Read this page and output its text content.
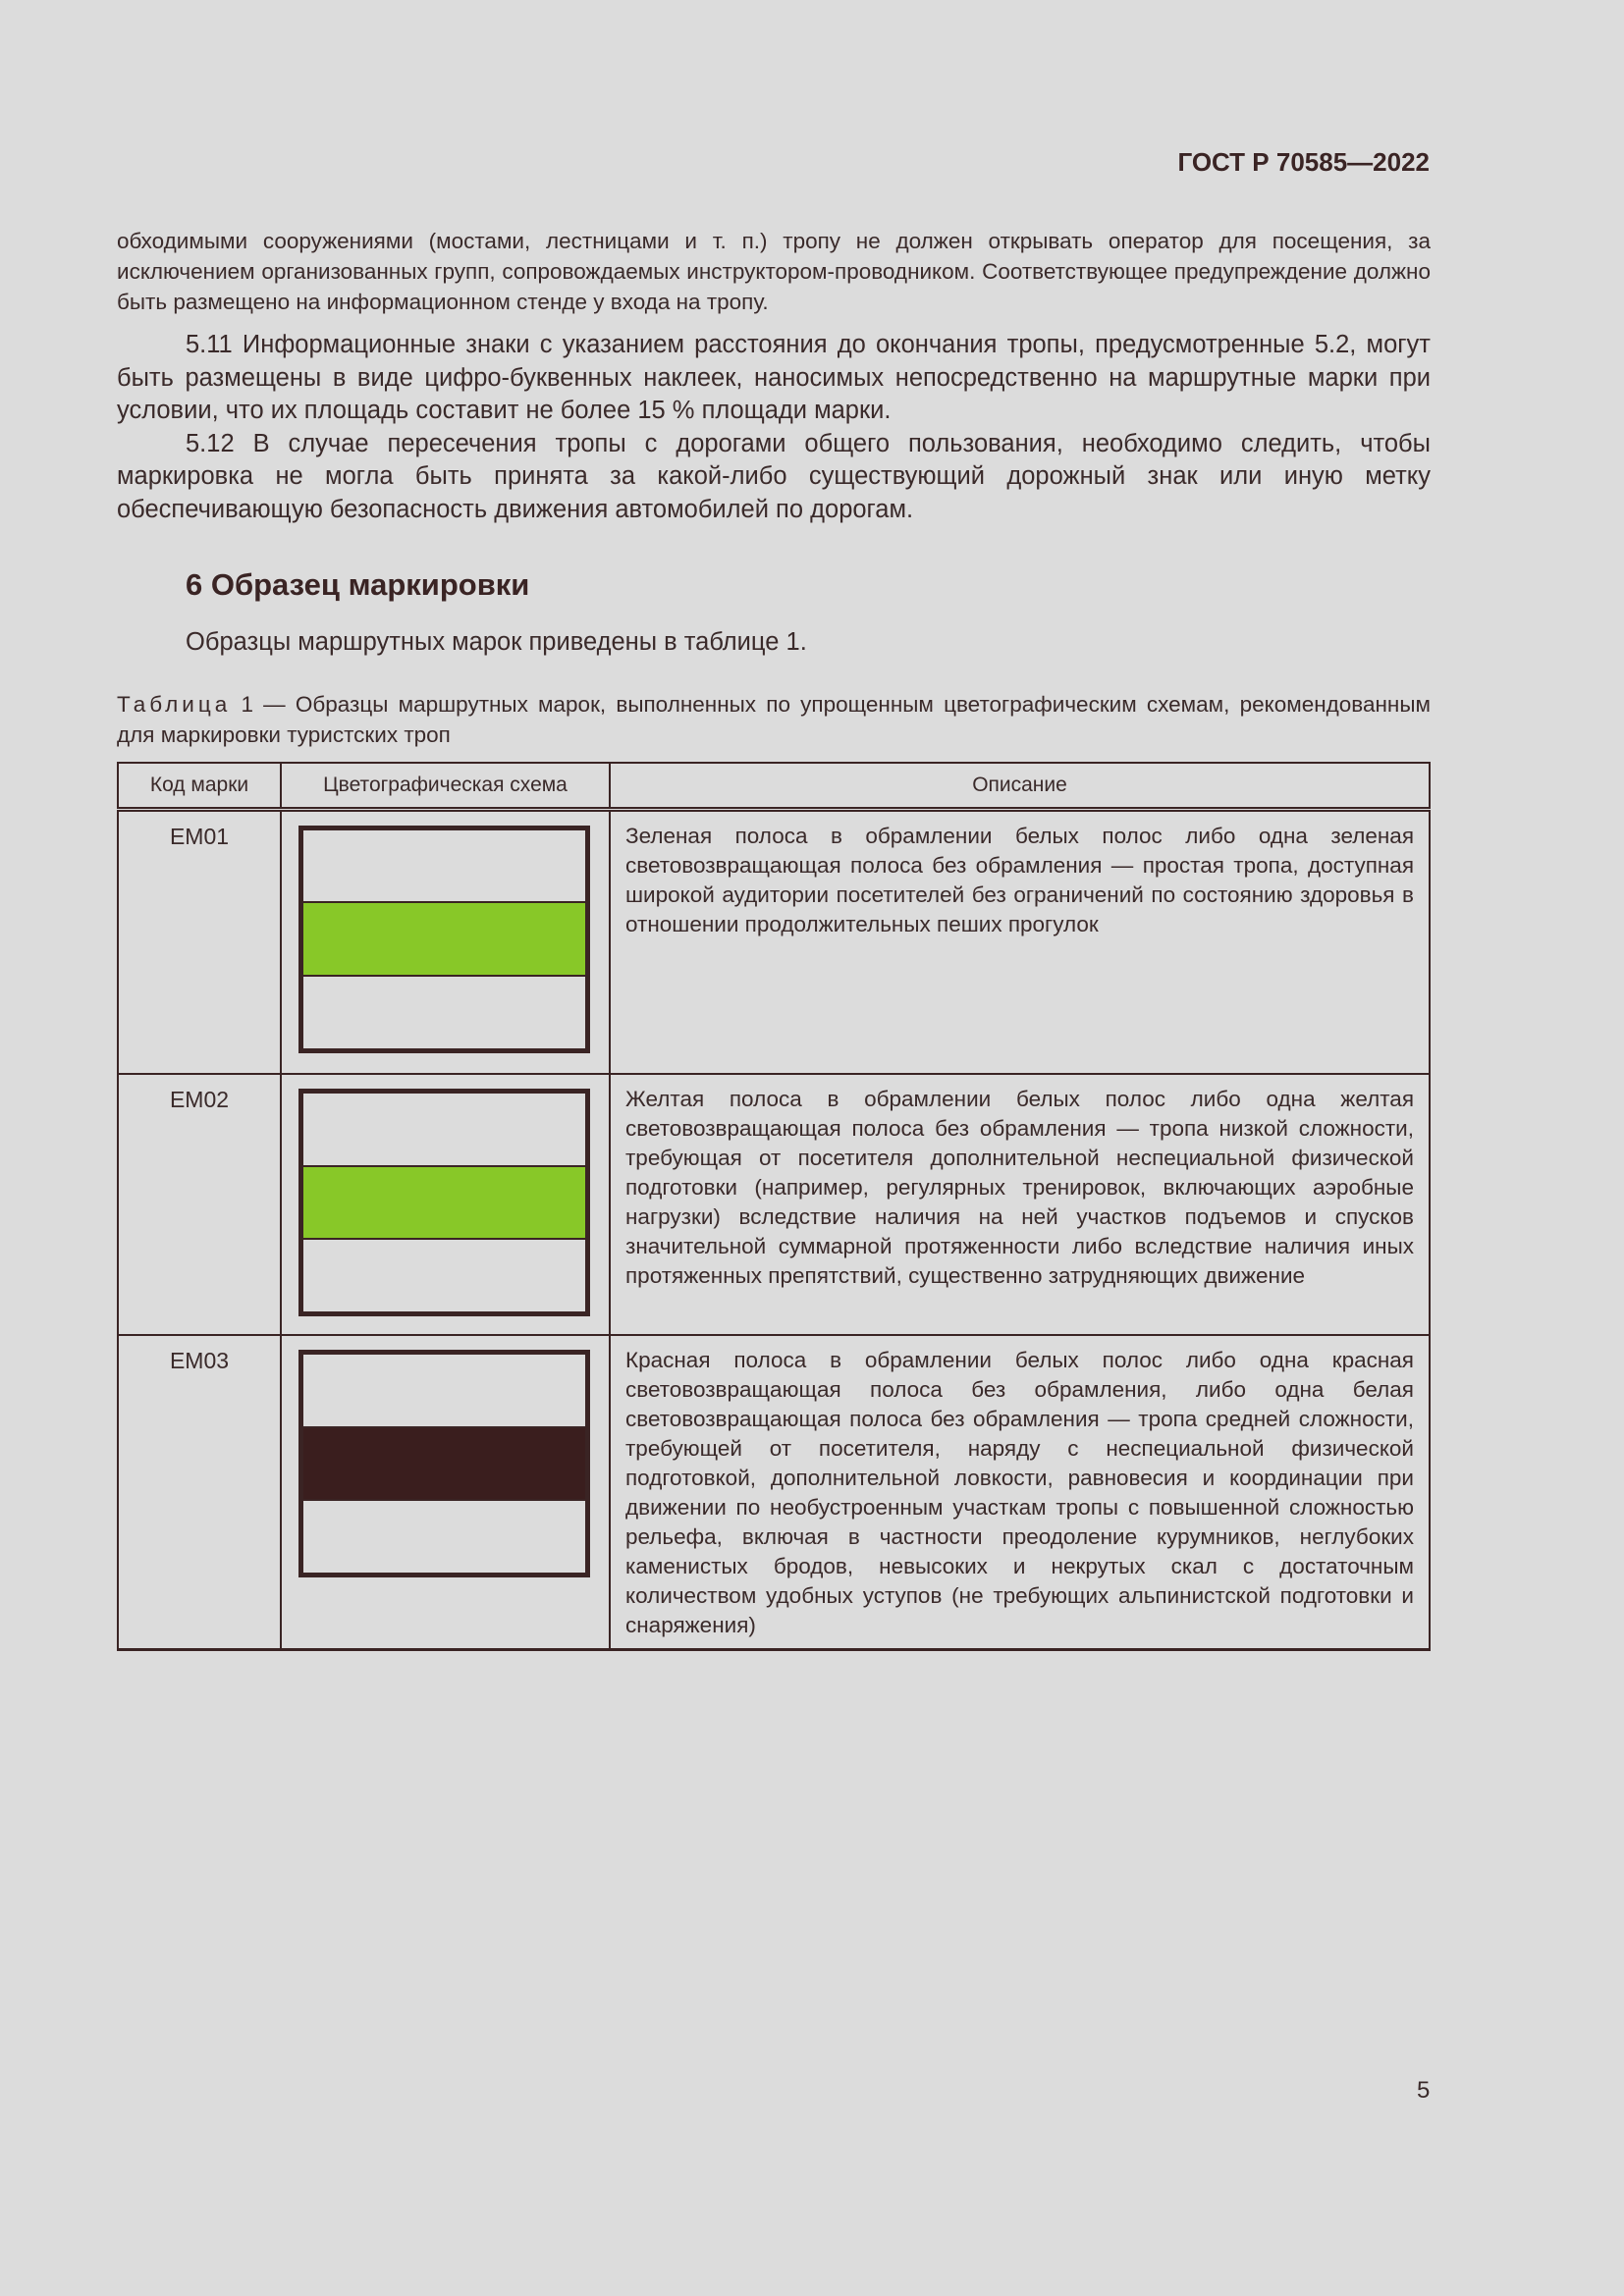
ГОСТ Р 70585—2022

обходимыми сооружениями (мостами, лестницами и т. п.) тропу не должен открывать оператор для посещения, за исключением организованных групп, сопровождаемых инструктором-проводником. Соответствующее предупреждение должно быть размещено на информационном стенде у входа на тропу.

5.11 Информационные знаки с указанием расстояния до окончания тропы, предусмотренные 5.2, могут быть размещены в виде цифро-буквенных наклеек, наносимых непосредственно на маршрутные марки при условии, что их площадь составит не более 15 % площади марки.

5.12 В случае пересечения тропы с дорогами общего пользования, необходимо следить, чтобы маркировка не могла быть принята за какой-либо существующий дорожный знак или иную метку обеспечивающую безопасность движения автомобилей по дорогам.

6 Образец маркировки

Образцы маршрутных марок приведены в таблице 1.

Таблица 1 — Образцы маршрутных марок, выполненных по упрощенным цветографическим схемам, рекомендованным для маркировки туристских троп

Код марки	Цветографическая схема	Описание

EM01		Зеленая полоса в обрамлении белых полос либо одна зеленая световозвращающая полоса без обрамления — простая тропа, доступная широкой аудитории посетителей без ограничений по состоянию здоровья в отношении продолжительных пеших прогулок

EM02		Желтая полоса в обрамлении белых полос либо одна желтая световозвращающая полоса без обрамления — тропа низкой сложности, требующая от посетителя дополнительной неспециальной физической подготовки (например, регулярных тренировок, включающих аэробные нагрузки) вследствие наличия на ней участков подъемов и спусков значительной суммарной протяженности либо вследствие наличия иных протяженных препятствий, существенно затрудняющих движение

EM03		Красная полоса в обрамлении белых полос либо одна красная световозвращающая полоса без обрамления, либо одна белая световозвращающая полоса без обрамления — тропа средней сложности, требующей от посетителя, наряду с неспециальной физической подготовкой, дополнительной ловкости, равновесия и координации при движении по необустроенным участкам тропы с повышенной сложностью рельефа, включая в частности преодоление курумников, неглубоких каменистых бродов, невысоких и некрутых скал с достаточным количеством удобных уступов (не требующих альпинистской подготовки и снаряжения)
5
